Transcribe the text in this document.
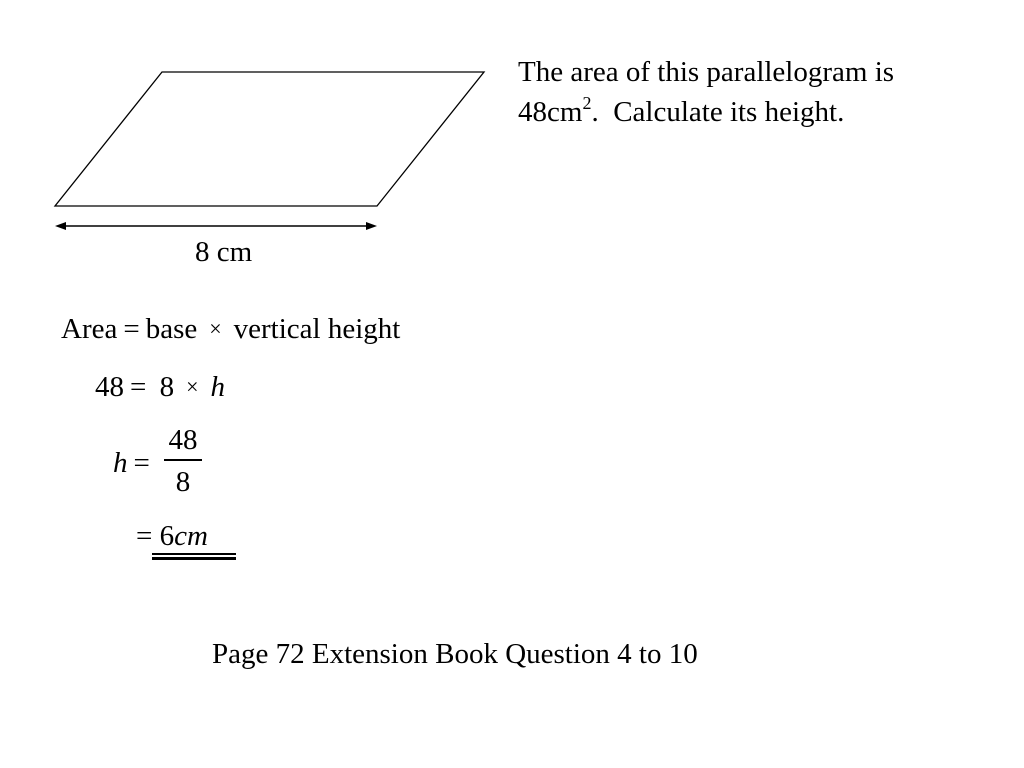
8 cm
The area of this parallelogram is
$48cm^2$.  Calculate its height.
Area = base × vertical height
48 = 8 × h
h =
48
8
= 6cm
Page 72 Extension Book Question 4 to 10
